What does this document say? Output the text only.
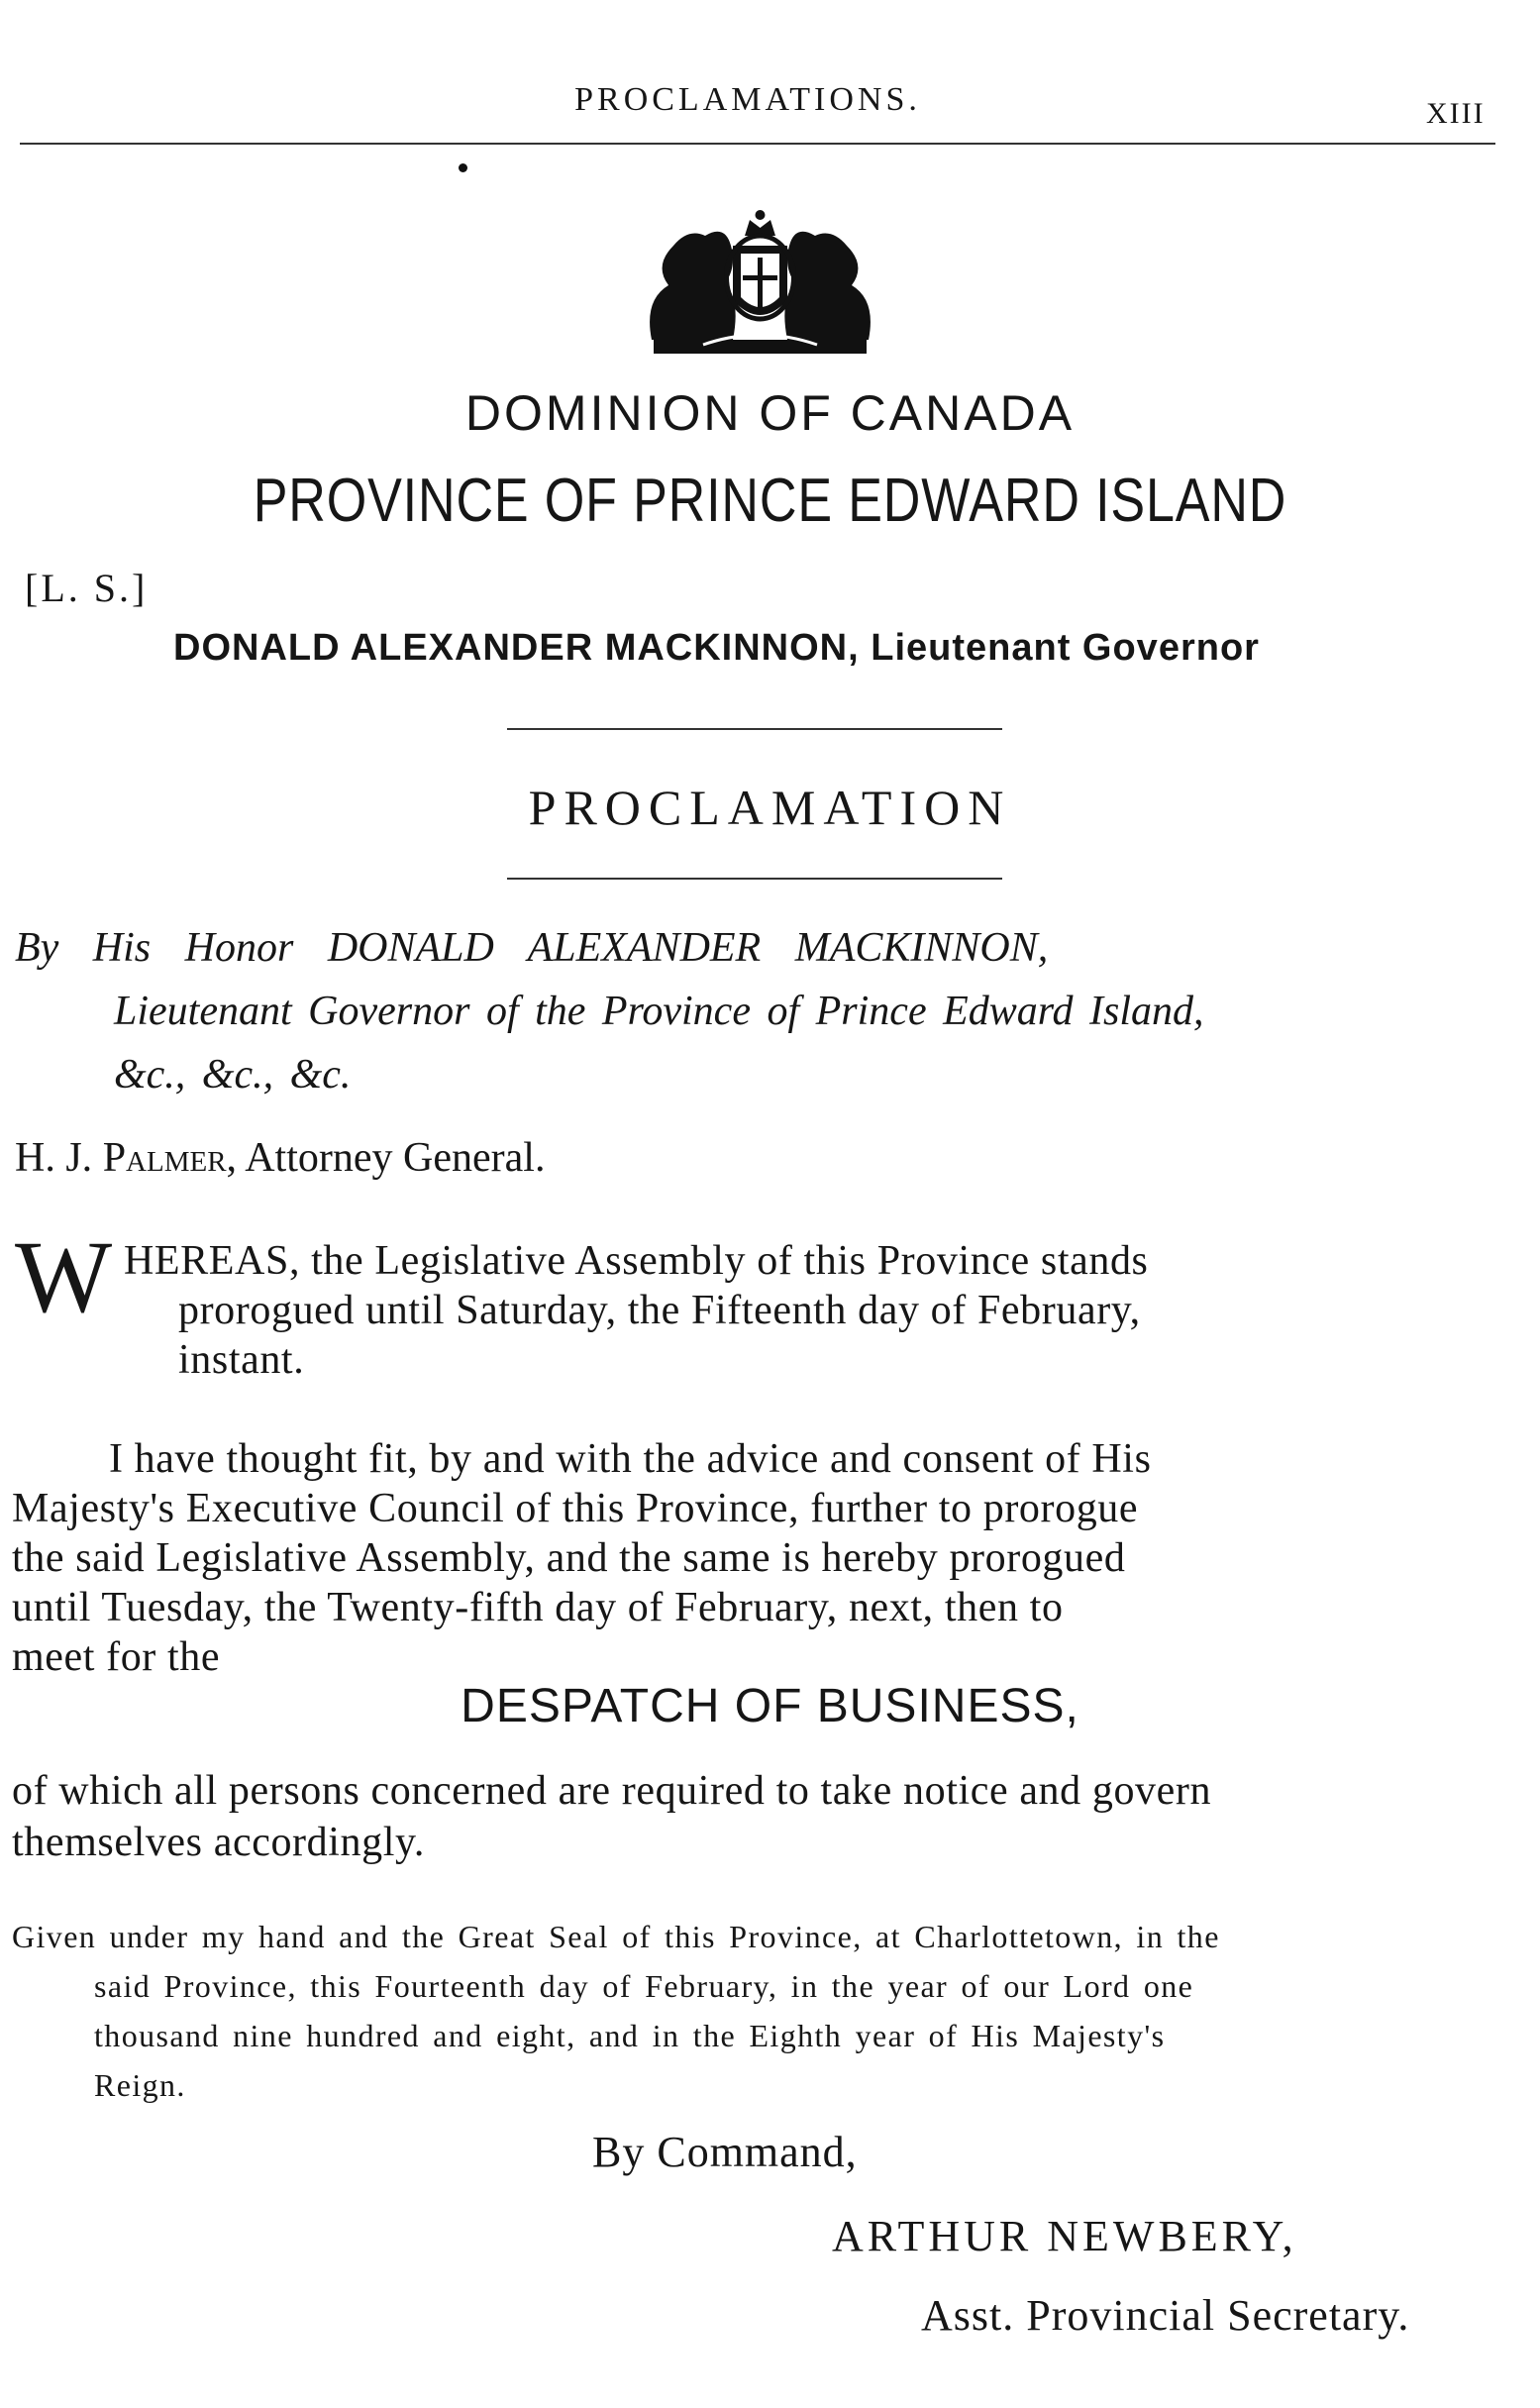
PROCLAMATIONS.	XIII
DOMINION OF CANADA
PROVINCE OF PRINCE EDWARD ISLAND
[L. S.]
DONALD ALEXANDER MACKINNON, Lieutenant Governor
PROCLAMATION
By His Honor DONALD ALEXANDER MACKINNON,
Lieutenant Governor of the Province of Prince Edward Island,
&c., &c., &c.
H. J. Palmer, Attorney General.
W HEREAS, the Legislative Assembly of this Province stands
prorogued until Saturday, the Fifteenth day of February,
instant.
I have thought fit, by and with the advice and consent of His
Majesty's Executive Council of this Province, further to prorogue
the said Legislative Assembly, and the same is hereby prorogued
until Tuesday, the Twenty-fifth day of February, next, then to
meet for the
DESPATCH OF BUSINESS,
of which all persons concerned are required to take notice and govern
themselves accordingly.
Given under my hand and the Great Seal of this Province, at Charlottetown, in the
said Province, this Fourteenth day of February, in the year of our Lord one
thousand nine hundred and eight, and in the Eighth year of His Majesty's
Reign.
By Command,
ARTHUR NEWBERY,
Asst. Provincial Secretary.
